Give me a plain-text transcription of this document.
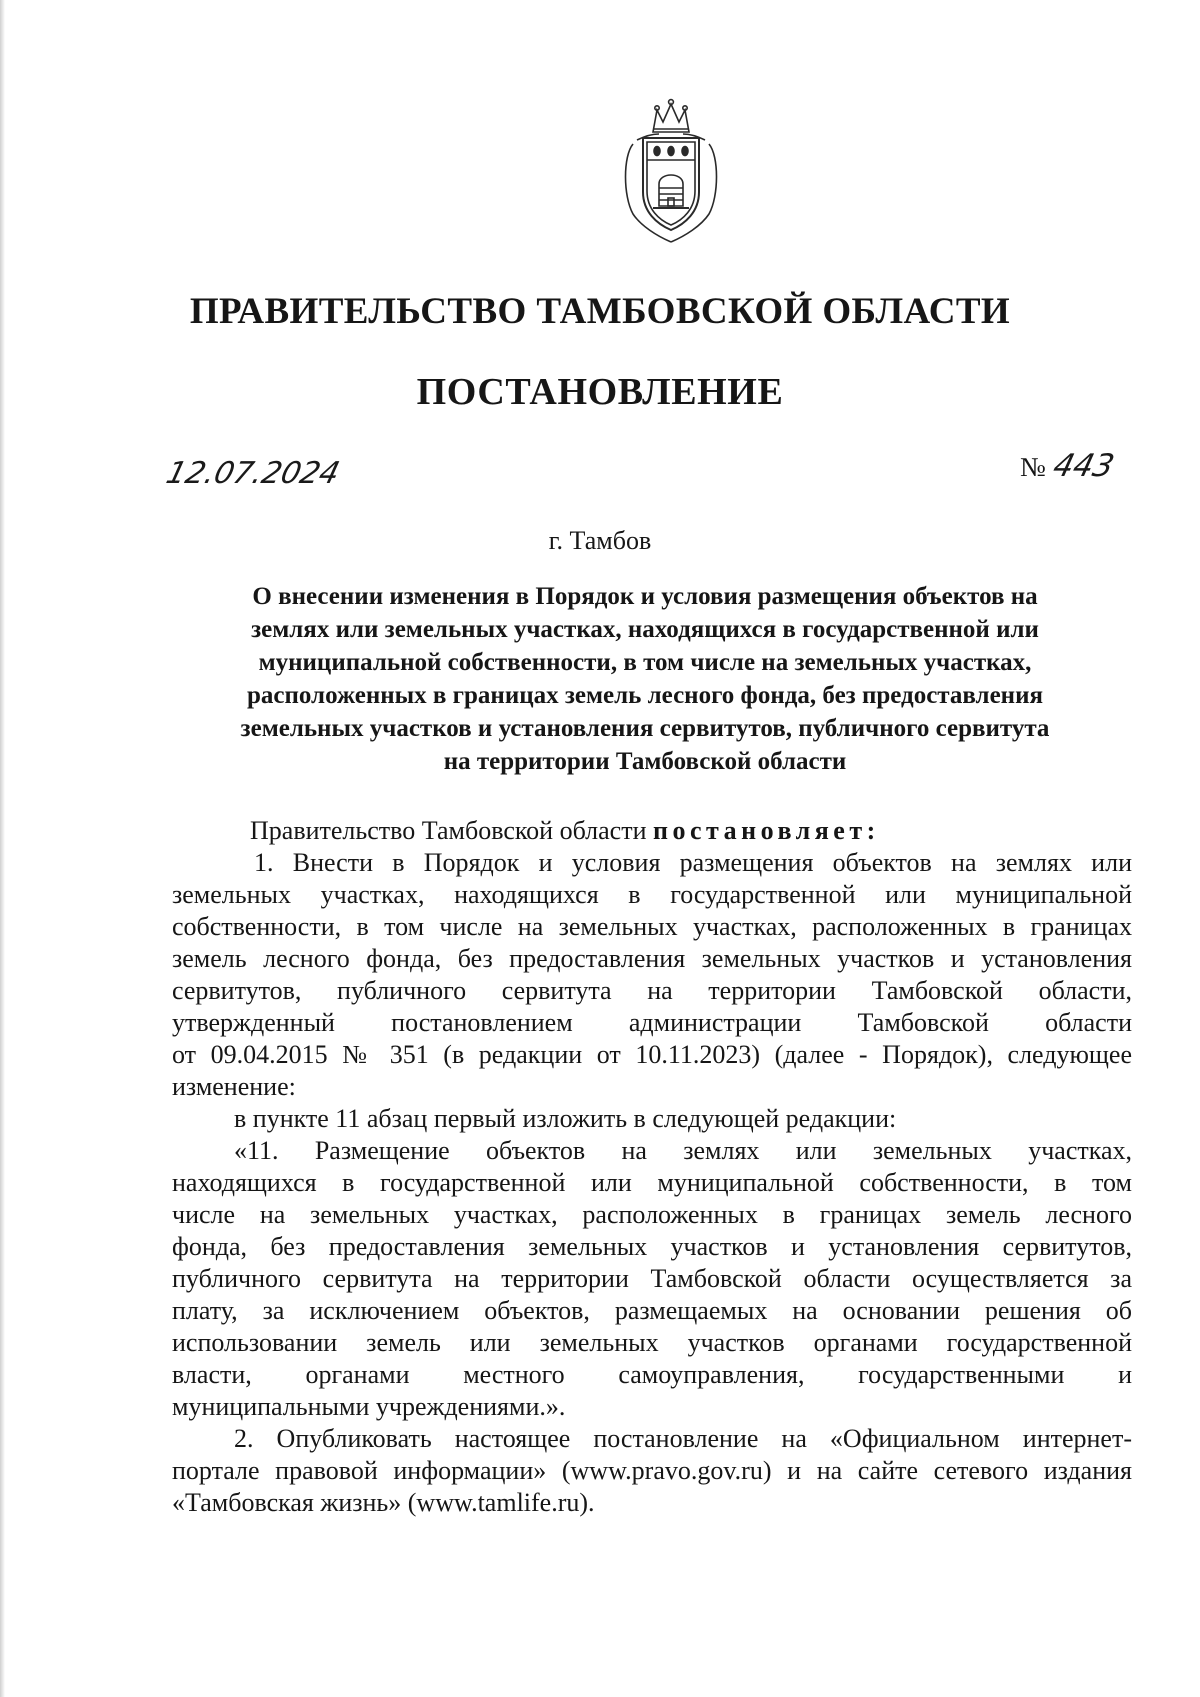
ПРАВИТЕЛЬСТВО ТАМБОВСКОЙ ОБЛАСТИ
ПОСТАНОВЛЕНИЕ
12.07.2024	№ 443
г. Тамбов
О внесении изменения в Порядок и условия размещения объектов на
землях или земельных участках, находящихся в государственной или
муниципальной собственности, в том числе на земельных участках,
расположенных в границах земель лесного фонда, без предоставления
земельных участков и установления сервитутов, публичного сервитута
на территории Тамбовской области
Правительство Тамбовской области постановляет:
1. Внести в Порядок и условия размещения объектов на землях или
земельных участках, находящихся в государственной или муниципальной
собственности, в том числе на земельных участках, расположенных в границах
земель лесного фонда, без предоставления земельных участков и установления
сервитутов, публичного сервитута на территории Тамбовской области,
утвержденный постановлением администрации Тамбовской области
от 09.04.2015 № 351 (в редакции от 10.11.2023) (далее - Порядок), следующее
изменение:
в пункте 11 абзац первый изложить в следующей редакции:
«11. Размещение объектов на землях или земельных участках,
находящихся в государственной или муниципальной собственности, в том
числе на земельных участках, расположенных в границах земель лесного
фонда, без предоставления земельных участков и установления сервитутов,
публичного сервитута на территории Тамбовской области осуществляется за
плату, за исключением объектов, размещаемых на основании решения об
использовании земель или земельных участков органами государственной
власти, органами местного самоуправления, государственными и
муниципальными учреждениями.».
2. Опубликовать настоящее постановление на «Официальном интернет-
портале правовой информации» (www.pravo.gov.ru) и на сайте сетевого издания
«Тамбовская жизнь» (www.tamlife.ru).
